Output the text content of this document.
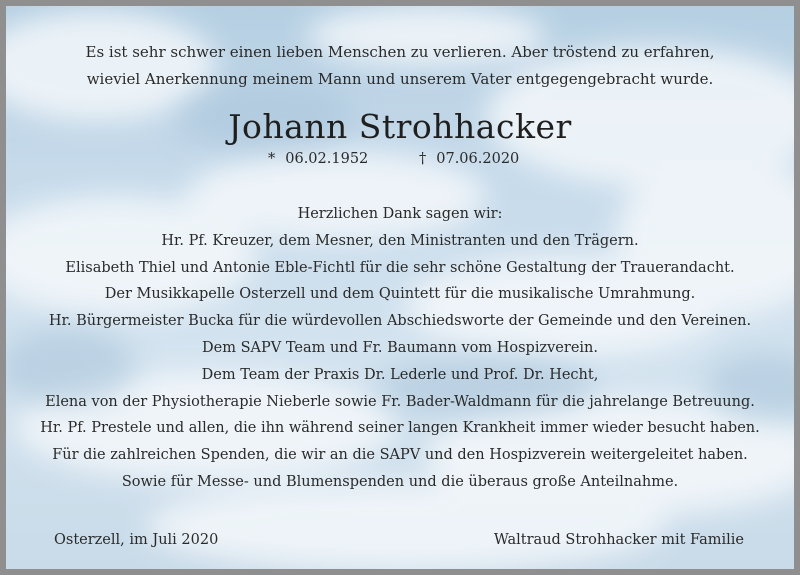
Es ist sehr schwer einen lieben Menschen zu verlieren. Aber tröstend zu erfahren,
wieviel Anerkennung meinem Mann und unserem Vater entgegengebracht wurde.
Johann Strohhacker
* 06.02.1952	† 07.06.2020
Herzlichen Dank sagen wir:
Hr. Pf. Kreuzer, dem Mesner, den Ministranten und den Trägern.
Elisabeth Thiel und Antonie Eble-Fichtl für die sehr schöne Gestaltung der Trauerandacht.
Der Musikkapelle Osterzell und dem Quintett für die musikalische Umrahmung.
Hr. Bürgermeister Bucka für die würdevollen Abschiedsworte der Gemeinde und den Vereinen.
Dem SAPV Team und Fr. Baumann vom Hospizverein.
Dem Team der Praxis Dr. Lederle und Prof. Dr. Hecht,
Elena von der Physiotherapie Nieberle sowie Fr. Bader-Waldmann für die jahrelange Betreuung.
Hr. Pf. Prestele und allen, die ihn während seiner langen Krankheit immer wieder besucht haben.
Für die zahlreichen Spenden, die wir an die SAPV und den Hospizverein weitergeleitet haben.
Sowie für Messe- und Blumenspenden und die überaus große Anteilnahme.
Osterzell, im Juli 2020	Waltraud Strohhacker mit Familie
